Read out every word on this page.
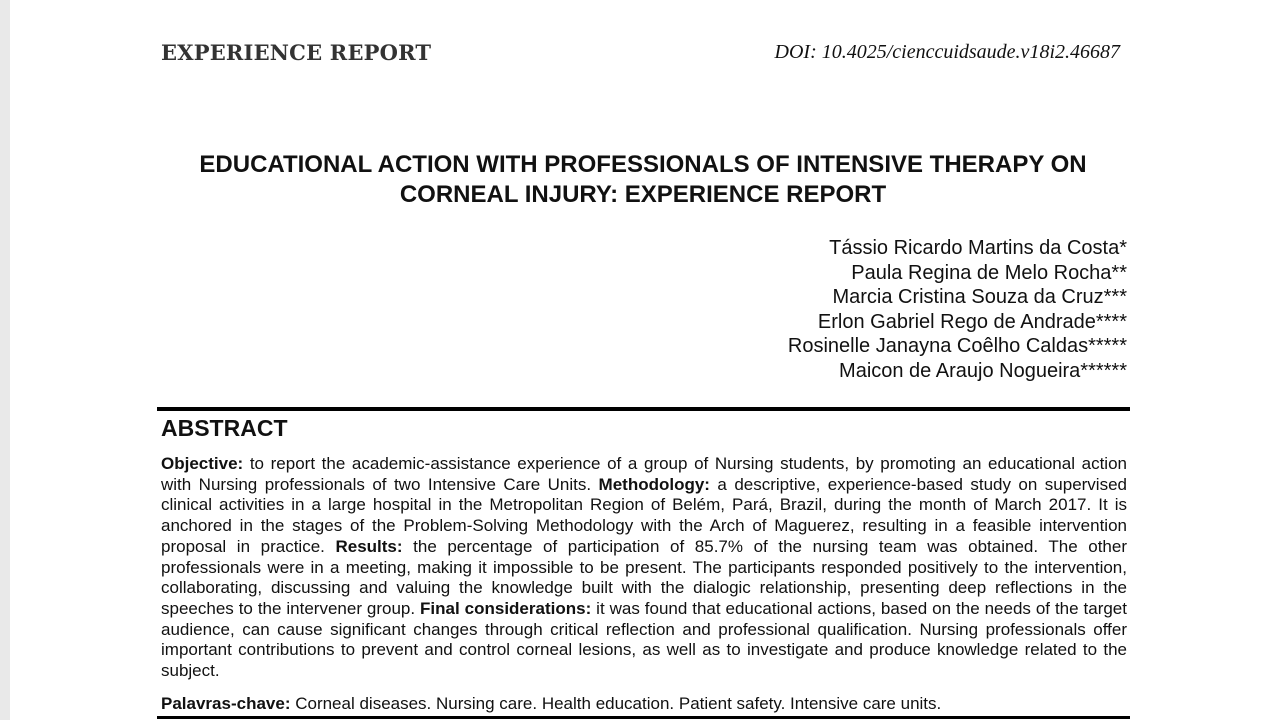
EXPERIENCE REPORT	DOI: 10.4025/cienccuidsaude.v18i2.46687
EDUCATIONAL ACTION WITH PROFESSIONALS OF INTENSIVE THERAPY ON CORNEAL INJURY: EXPERIENCE REPORT
Tássio Ricardo Martins da Costa*
Paula Regina de Melo Rocha**
Marcia Cristina Souza da Cruz***
Erlon Gabriel Rego de Andrade****
Rosinelle Janayna Coêlho Caldas*****
Maicon de Araujo Nogueira******
ABSTRACT

Objective: to report the academic-assistance experience of a group of Nursing students, by promoting an educational action with Nursing professionals of two Intensive Care Units. Methodology: a descriptive, experience-based study on supervised clinical activities in a large hospital in the Metropolitan Region of Belém, Pará, Brazil, during the month of March 2017. It is anchored in the stages of the Problem-Solving Methodology with the Arch of Maguerez, resulting in a feasible intervention proposal in practice. Results: the percentage of participation of 85.7% of the nursing team was obtained. The other professionals were in a meeting, making it impossible to be present. The participants responded positively to the intervention, collaborating, discussing and valuing the knowledge built with the dialogic relationship, presenting deep reflections in the speeches to the intervener group. Final considerations: it was found that educational actions, based on the needs of the target audience, can cause significant changes through critical reflection and professional qualification. Nursing professionals offer important contributions to prevent and control corneal lesions, as well as to investigate and produce knowledge related to the subject.

Palavras-chave: Corneal diseases. Nursing care. Health education. Patient safety. Intensive care units.
